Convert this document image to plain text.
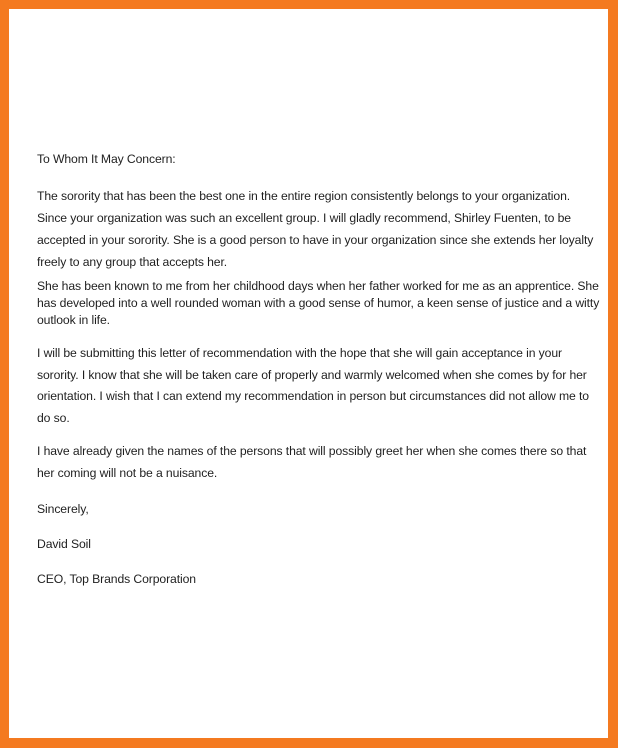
To Whom It May Concern:

The sorority that has been the best one in the entire region consistently belongs to your organization. Since your organization was such an excellent group. I will gladly recommend, Shirley Fuenten, to be accepted in your sorority. She is a good person to have in your organization since she extends her loyalty freely to any group that accepts her.

She has been known to me from her childhood days when her father worked for me as an apprentice. She has developed into a well rounded woman with a good sense of humor, a keen sense of justice and a witty outlook in life.

I will be submitting this letter of recommendation with the hope that she will gain acceptance in your sorority. I know that she will be taken care of properly and warmly welcomed when she comes by for her orientation. I wish that I can extend my recommendation in person but circumstances did not allow me to do so.

I have already given the names of the persons that will possibly greet her when she comes there so that her coming will not be a nuisance.

Sincerely,

David Soil

CEO, Top Brands Corporation
